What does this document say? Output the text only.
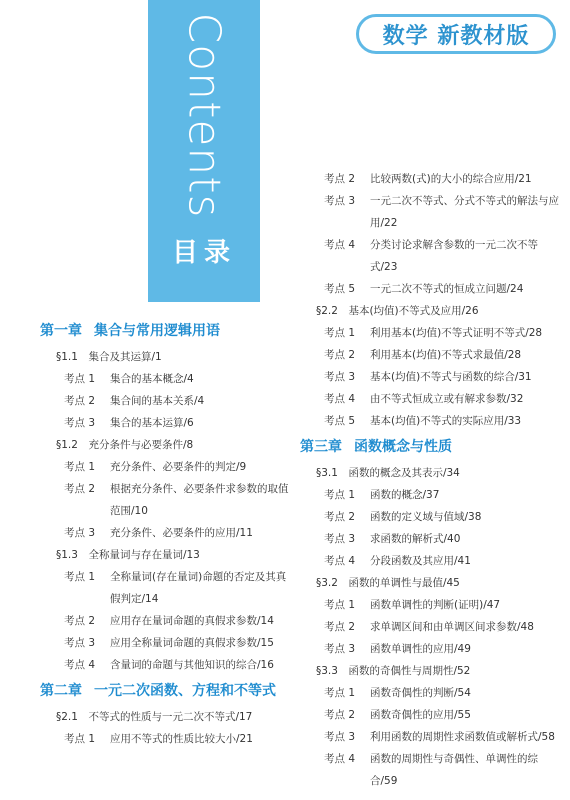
Contents
目录
数学 新教材版
第一章 集合与常用逻辑用语
§1.1　集合及其运算/1
考点 1	集合的基本概念/4
考点 2	集合间的基本关系/4
考点 3	集合的基本运算/6
§1.2　充分条件与必要条件/8
考点 1	充分条件、必要条件的判定/9
考点 2	根据充分条件、必要条件求参数的取值范围/10
考点 3	充分条件、必要条件的应用/11
§1.3　全称量词与存在量词/13
考点 1	全称量词(存在量词)命题的否定及其真假判定/14
考点 2	应用存在量词命题的真假求参数/14
考点 3	应用全称量词命题的真假求参数/15
考点 4	含量词的命题与其他知识的综合/16
第二章 一元二次函数、方程和不等式
§2.1　不等式的性质与一元二次不等式/17
考点 1	应用不等式的性质比较大小/21
考点 2	比较两数(式)的大小的综合应用/21
考点 3	一元二次不等式、分式不等式的解法与应用/22
考点 4	分类讨论求解含参数的一元二次不等式/23
考点 5	一元二次不等式的恒成立问题/24
§2.2　基本(均值)不等式及应用/26
考点 1	利用基本(均值)不等式证明不等式/28
考点 2	利用基本(均值)不等式求最值/28
考点 3	基本(均值)不等式与函数的综合/31
考点 4	由不等式恒成立或有解求参数/32
考点 5	基本(均值)不等式的实际应用/33
第三章 函数概念与性质
§3.1　函数的概念及其表示/34
考点 1	函数的概念/37
考点 2	函数的定义域与值域/38
考点 3	求函数的解析式/40
考点 4	分段函数及其应用/41
§3.2　函数的单调性与最值/45
考点 1	函数单调性的判断(证明)/47
考点 2	求单调区间和由单调区间求参数/48
考点 3	函数单调性的应用/49
§3.3　函数的奇偶性与周期性/52
考点 1	函数奇偶性的判断/54
考点 2	函数奇偶性的应用/55
考点 3	利用函数的周期性求函数值或解析式/58
考点 4	函数的周期性与奇偶性、单调性的综合/59
